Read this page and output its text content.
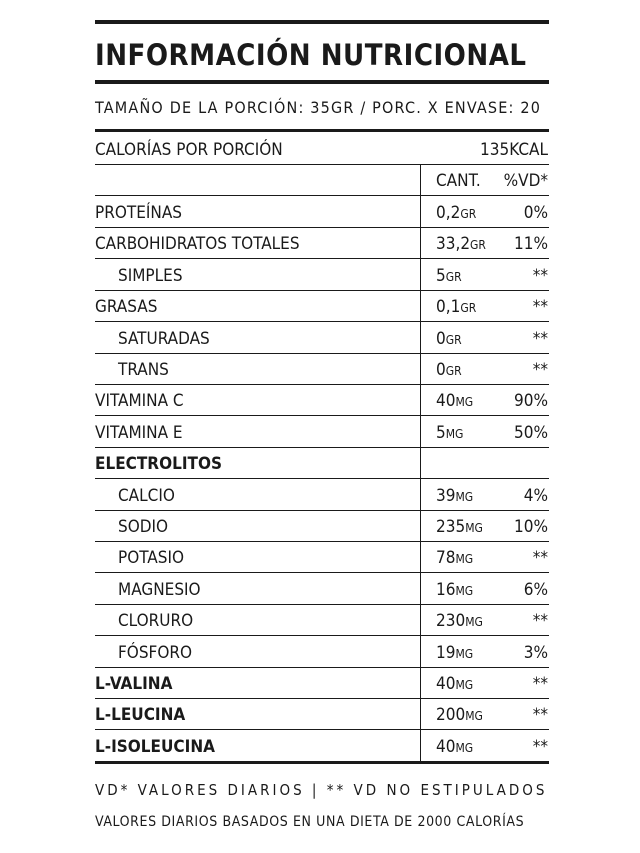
INFORMACIÓN NUTRICIONAL
TAMAÑO DE LA PORCIÓN: 35GR / PORC. X ENVASE: 20
CALORÍAS POR PORCIÓN	135KCAL
CANT. %VD*
PROTEÍNAS	0,2GR	0%
CARBOHIDRATOS TOTALES	33,2GR 11%
SIMPLES	5GR	**
GRASAS	0,1GR	**
SATURADAS	0GR	**
TRANS	0GR	**
VITAMINA C	40MG 90%
VITAMINA E	5MG	50%
ELECTROLITOS
CALCIO	39MG	4%
SODIO	235MG 10%
POTASIO	78MG	**
MAGNESIO	16MG	6%
CLORURO	230MG	**
FÓSFORO	19MG	3%
L-VALINA	40MG	**
L-LEUCINA	200MG	**
L-ISOLEUCINA	40MG	**
VD* VALORES DIARIOS | ** VD NO ESTIPULADOS
VALORES DIARIOS BASADOS EN UNA DIETA DE 2000 CALORÍAS
